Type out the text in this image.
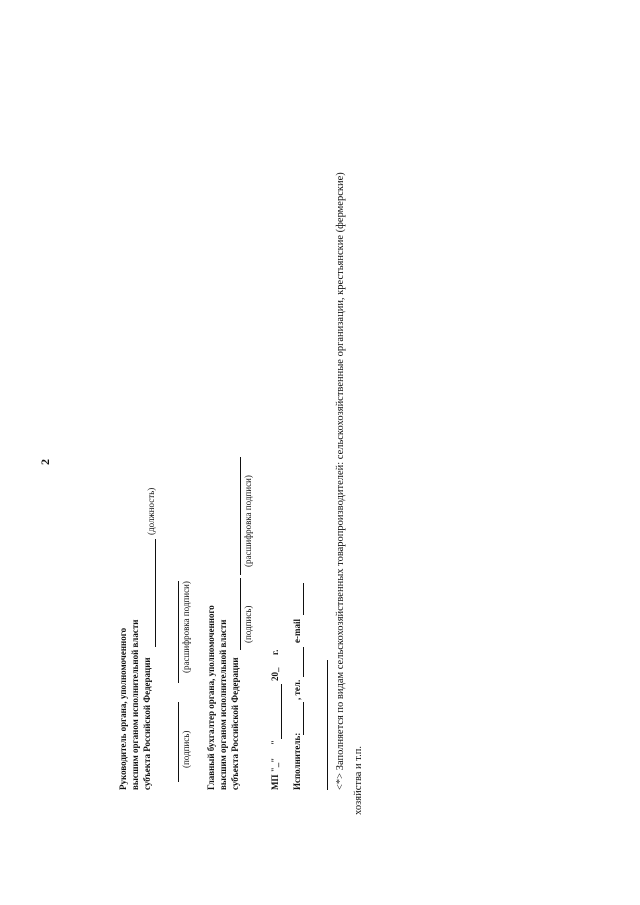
2
Руководитель органа, уполномоченного высшим органом исполнительной власти субъекта Российской Федерации
(должность)
(подпись)
(расшифровка подписи) Главный бухгалтер органа, уполномоченного высшим органом исполнительной власти субъекта Российской Федерации
(подпись)
(расшифровка подписи)
МП "_"
"
20_
г.
Исполнитель:
, тел.
e-mail	<*> Заполняется по видам сельскохозяйственных товаропроизводителей: сельскохозяйственные организации, крестьянские (фермерские) хозяйства и т.п.
